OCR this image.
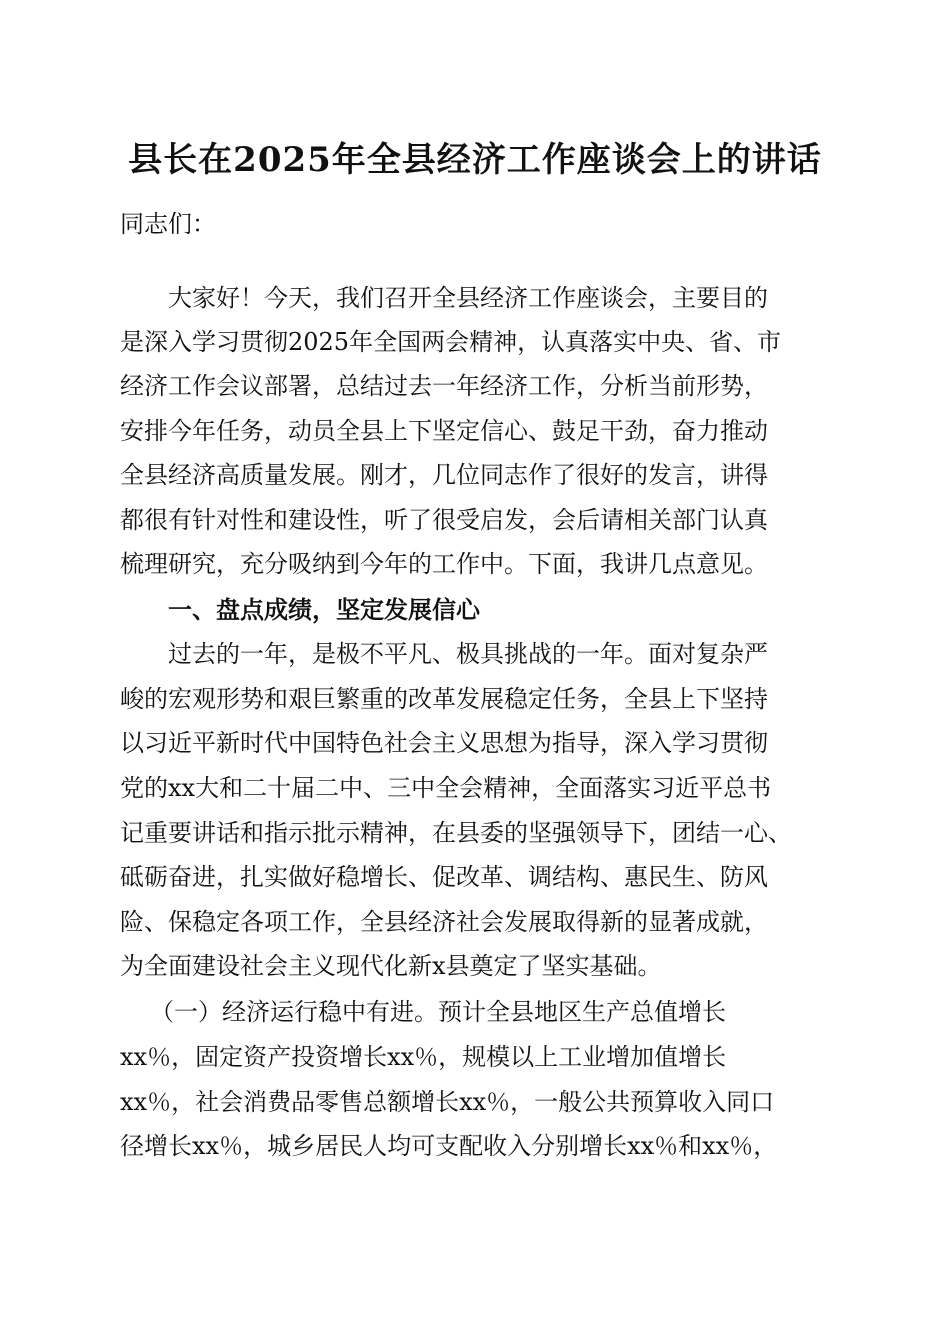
县长在2025年全县经济工作座谈会上的讲话
同志们：
大家好！今天，我们召开全县经济工作座谈会，主要目的
是深入学习贯彻2025年全国两会精神，认真落实中央、省、市
经济工作会议部署，总结过去一年经济工作，分析当前形势，
安排今年任务，动员全县上下坚定信心、鼓足干劲，奋力推动
全县经济高质量发展。刚才，几位同志作了很好的发言，讲得
都很有针对性和建设性，听了很受启发，会后请相关部门认真
梳理研究，充分吸纳到今年的工作中。下面，我讲几点意见。
一、盘点成绩，坚定发展信心
过去的一年，是极不平凡、极具挑战的一年。面对复杂严
峻的宏观形势和艰巨繁重的改革发展稳定任务，全县上下坚持
以习近平新时代中国特色社会主义思想为指导，深入学习贯彻
党的xx大和二十届二中、三中全会精神，全面落实习近平总书
记重要讲话和指示批示精神，在县委的坚强领导下，团结一心、
砥砺奋进，扎实做好稳增长、促改革、调结构、惠民生、防风
险、保稳定各项工作，全县经济社会发展取得新的显著成就，
为全面建设社会主义现代化新x县奠定了坚实基础。
（一）经济运行稳中有进。预计全县地区生产总值增长
xx％，固定资产投资增长xx％，规模以上工业增加值增长
xx％，社会消费品零售总额增长xx％，一般公共预算收入同口
径增长xx％，城乡居民人均可支配收入分别增长xx％和xx％，
